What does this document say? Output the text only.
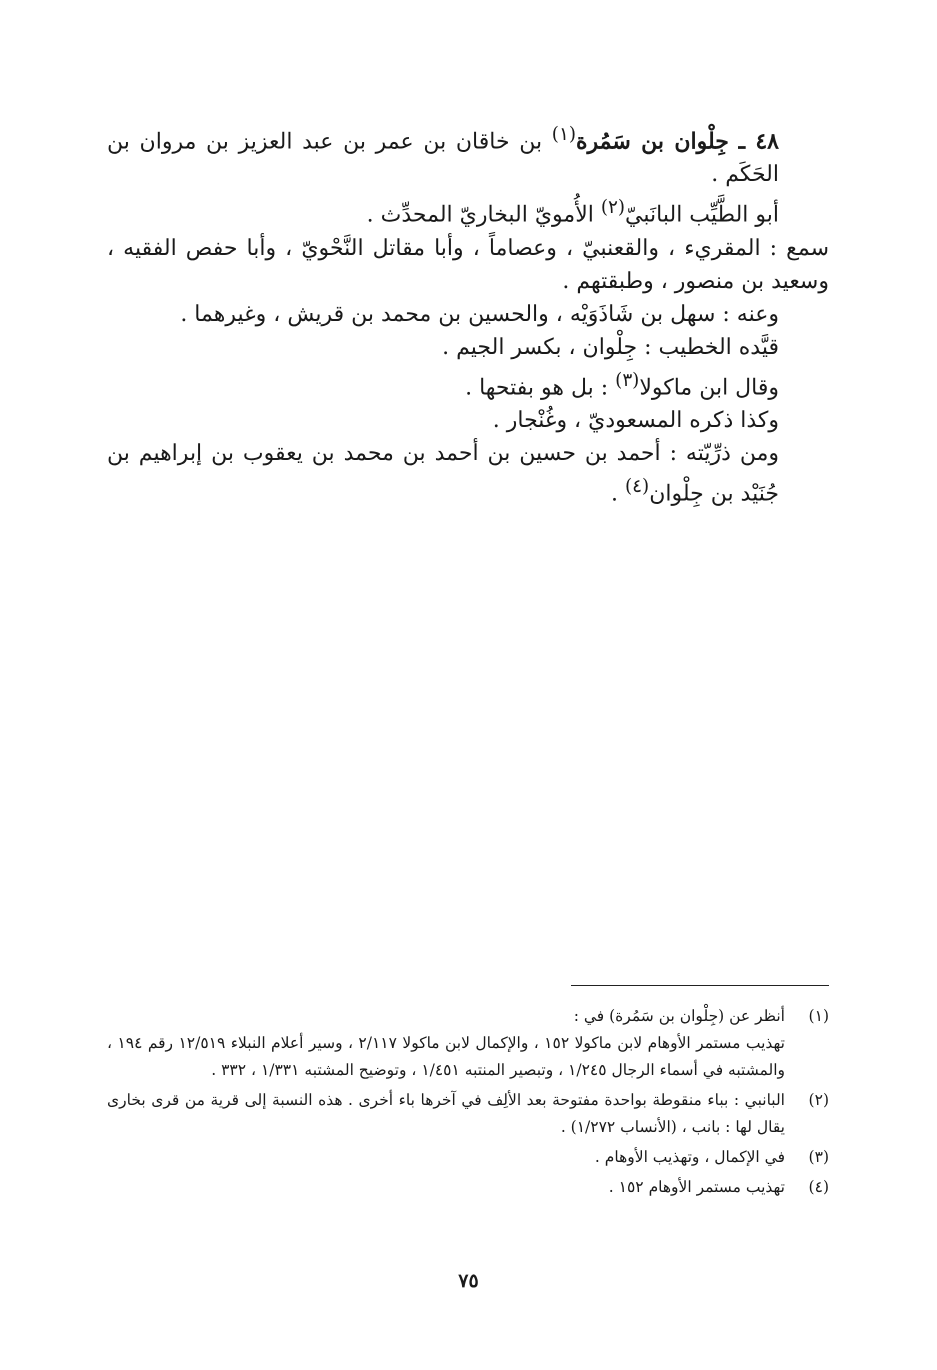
٤٨ ـ جِلْوان بن سَمُرة$^{(١)}$ بن خاقان بن عمر بن عبد العزيز بن مروان بن الحَكَم .

أبو الطَّيِّب البانَبيّ$^{(٢)}$ الأُمويّ البخاريّ المحدِّث .

سمع : المقريء ، والقعنبيّ ، وعصاماً ، وأبا مقاتل النَّحْويّ ، وأبا حفص الفقيه ، وسعيد بن منصور ، وطبقتهم .

وعنه : سهل بن شَاذَوَيْه ، والحسين بن محمد بن قريش ، وغيرهما .

قيَّده الخطيب : جِلْوان ، بكسر الجيم .

وقال ابن ماكولا$^{(٣)}$ : بل هو بفتحها .

وكذا ذكره المسعوديّ ، وغُنْجار .

ومن ذرِّيّته : أحمد بن حسين بن أحمد بن محمد بن يعقوب بن إبراهيم بن جُنَيْد بن جِلْوان$^{(٤)}$ .

(١)

أنظر عن (جِلْوان بن سَمُرة) في :

تهذيب مستمر الأوهام لابن ماكولا ١٥٢ ، والإكمال لابن ماكولا ٢/١١٧ ، وسير أعلام النبلاء ١٢/٥١٩ رقم ١٩٤ ، والمشتبه في أسماء الرجال ١/٢٤٥ ، وتبصير المنتبه ١/٤٥١ ، وتوضيح المشتبه ١/٣٣١ ، ٣٣٢ .

(٢)

البانبي : بباء منقوطة بواحدة مفتوحة بعد الألِف في آخرها باء أخرى . هذه النسبة إلى قرية من قرى بخارى يقال لها : بانب ، (الأنساب ١/٢٧٢) .

(٣)

في الإكمال ، وتهذيب الأوهام .

(٤)

تهذيب مستمر الأوهام ١٥٢ .

٧٥
